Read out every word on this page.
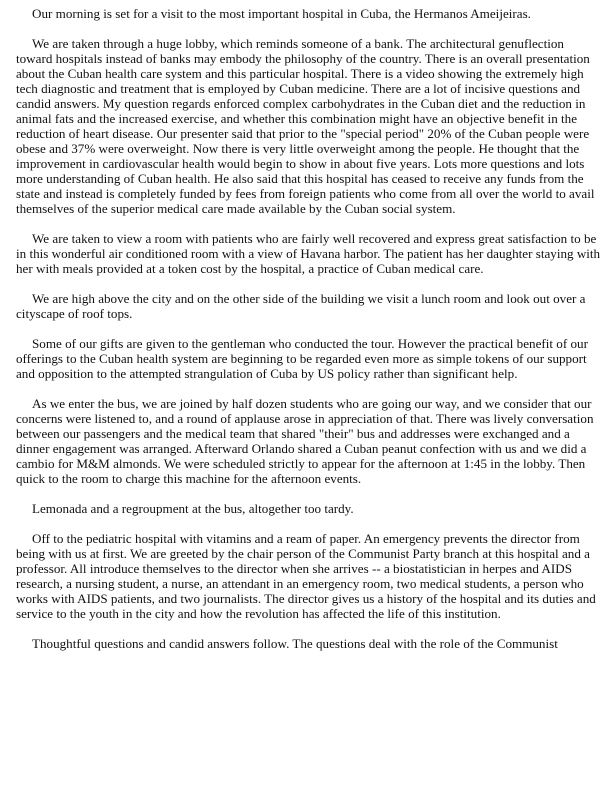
Our morning is set for a visit to the most important hospital in Cuba, the Hermanos Ameijeiras.

We are taken through a huge lobby, which reminds someone of a bank. The architectural genuflection toward hospitals instead of banks may embody the philosophy of the country. There is an overall presentation about the Cuban health care system and this particular hospital. There is a video showing the extremely high tech diagnostic and treatment that is employed by Cuban medicine. There are a lot of incisive questions and candid answers. My question regards enforced complex carbohydrates in the Cuban diet and the reduction in animal fats and the increased exercise, and whether this combination might have an objective benefit in the reduction of heart disease. Our presenter said that prior to the "special period" 20% of the Cuban people were obese and 37% were overweight. Now there is very little overweight among the people. He thought that the improvement in cardiovascular health would begin to show in about five years. Lots more questions and lots more understanding of Cuban health. He also said that this hospital has ceased to receive any funds from the state and instead is completely funded by fees from foreign patients who come from all over the world to avail themselves of the superior medical care made available by the Cuban social system.

We are taken to view a room with patients who are fairly well recovered and express great satisfaction to be in this wonderful air conditioned room with a view of Havana harbor. The patient has her daughter staying with her with meals provided at a token cost by the hospital, a practice of Cuban medical care.

We are high above the city and on the other side of the building we visit a lunch room and look out over a cityscape of roof tops.

Some of our gifts are given to the gentleman who conducted the tour. However the practical benefit of our offerings to the Cuban health system are beginning to be regarded even more as simple tokens of our support and opposition to the attempted strangulation of Cuba by US policy rather than significant help.

As we enter the bus, we are joined by half dozen students who are going our way, and we consider that our concerns were listened to, and a round of applause arose in appreciation of that. There was lively conversation between our passengers and the medical team that shared "their" bus and addresses were exchanged and a dinner engagement was arranged. Afterward Orlando shared a Cuban peanut confection with us and we did a cambio for M&M almonds. We were scheduled strictly to appear for the afternoon at 1:45 in the lobby. Then quick to the room to charge this machine for the afternoon events.

Lemonada and a regroupment at the bus, altogether too tardy.

Off to the pediatric hospital with vitamins and a ream of paper. An emergency prevents the director from being with us at first. We are greeted by the chair person of the Communist Party branch at this hospital and a professor. All introduce themselves to the director when she arrives -- a biostatistician in herpes and AIDS research, a nursing student, a nurse, an attendant in an emergency room, two medical students, a person who works with AIDS patients, and two journalists. The director gives us a history of the hospital and its duties and service to the youth in the city and how the revolution has affected the life of this institution.

Thoughtful questions and candid answers follow. The questions deal with the role of the Communist
